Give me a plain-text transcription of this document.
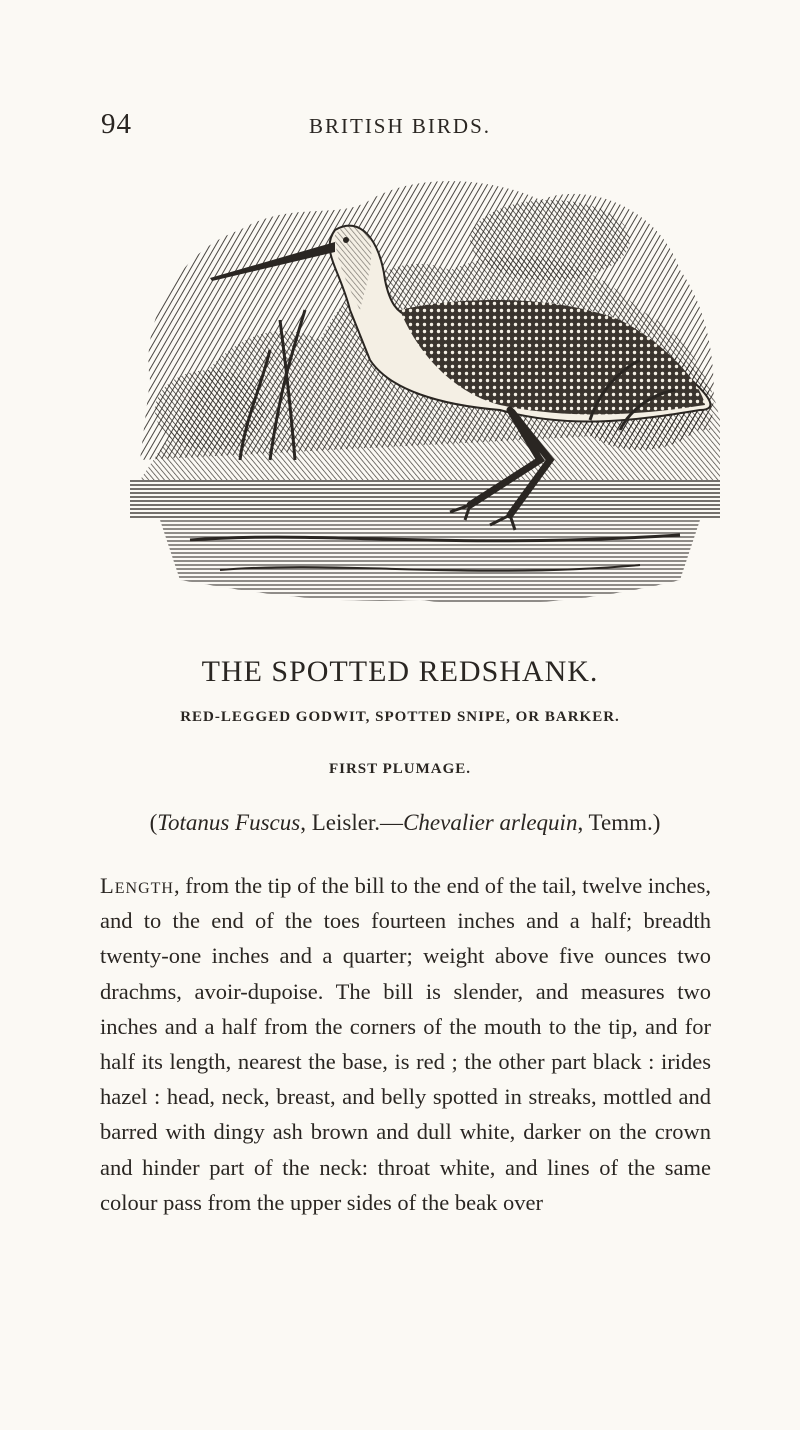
94	BRITISH BIRDS.
THE SPOTTED REDSHANK.
RED-LEGGED GODWIT, SPOTTED SNIPE, OR BARKER.
FIRST PLUMAGE.
(Totanus Fuscus, Leisler.—Chevalier arlequin, Temm.)

Length, from the tip of the bill to the end of the tail, twelve inches, and to the end of the toes fourteen inches and a half; breadth twenty-one inches and a quarter; weight above five ounces two drachms, avoir-dupoise. The bill is slender, and measures two inches and a half from the corners of the mouth to the tip, and for half its length, nearest the base, is red ; the other part black : irides hazel : head, neck, breast, and belly spotted in streaks, mottled and barred with dingy ash brown and dull white, darker on the crown and hinder part of the neck: throat white, and lines of the same colour pass from the upper sides of the beak over
